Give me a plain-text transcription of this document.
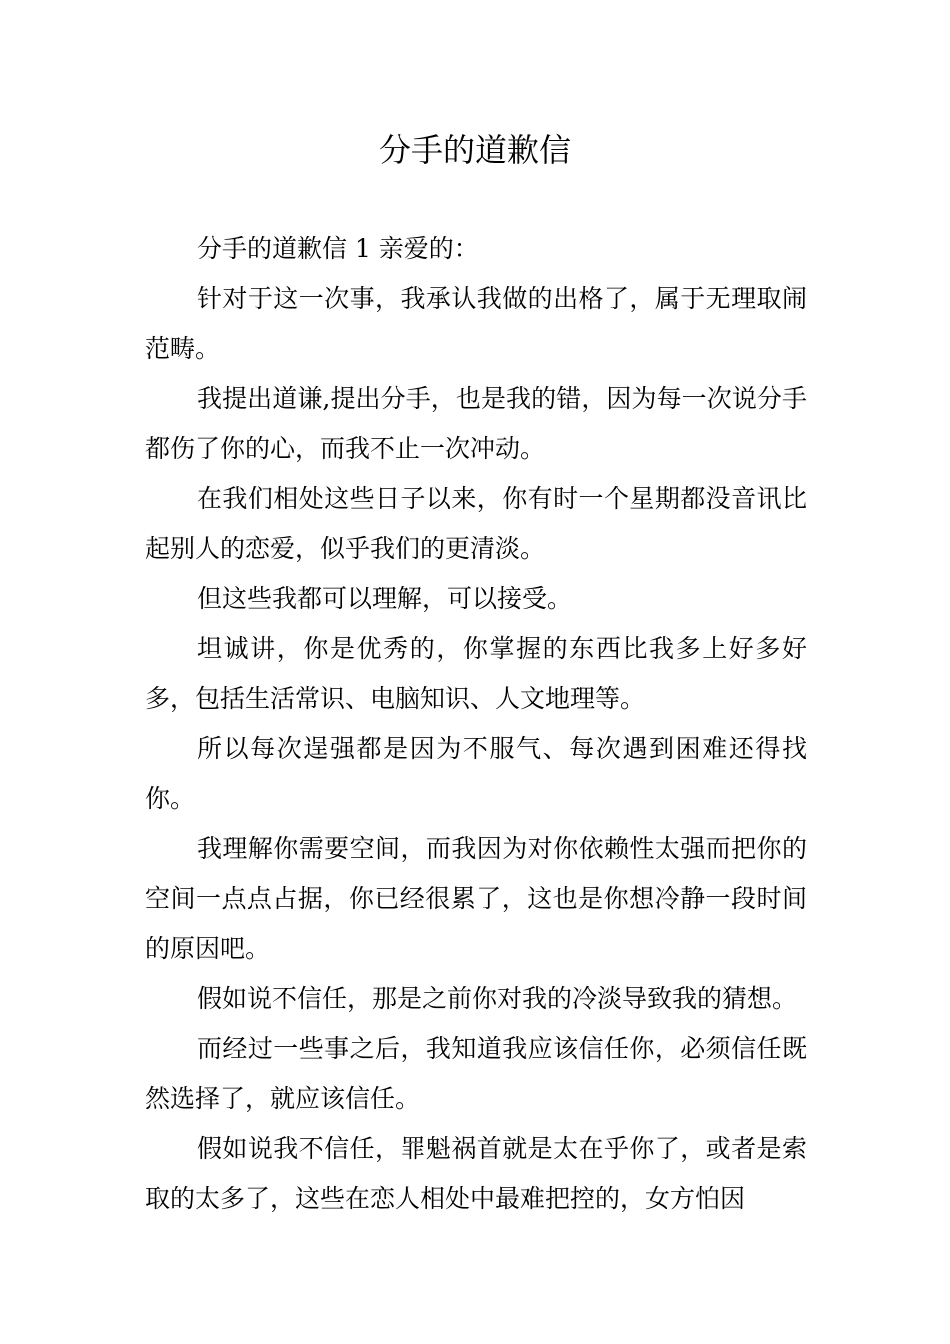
分手的道歉信

分手的道歉信 1 亲爱的：

针对于这一次事，我承认我做的出格了，属于无理取闹范畴。

我提出道谦,提出分手，也是我的错，因为每一次说分手都伤了你的心，而我不止一次冲动。

在我们相处这些日子以来，你有时一个星期都没音讯比起别人的恋爱，似乎我们的更清淡。

但这些我都可以理解，可以接受。

坦诚讲，你是优秀的，你掌握的东西比我多上好多好多，包括生活常识、电脑知识、人文地理等。

所以每次逞强都是因为不服气、每次遇到困难还得找你。

我理解你需要空间，而我因为对你依赖性太强而把你的空间一点点占据，你已经很累了，这也是你想冷静一段时间的原因吧。

假如说不信任，那是之前你对我的冷淡导致我的猜想。

而经过一些事之后，我知道我应该信任你，必须信任既然选择了，就应该信任。

假如说我不信任，罪魁祸首就是太在乎你了，或者是索取的太多了，这些在恋人相处中最难把控的，女方怕因
